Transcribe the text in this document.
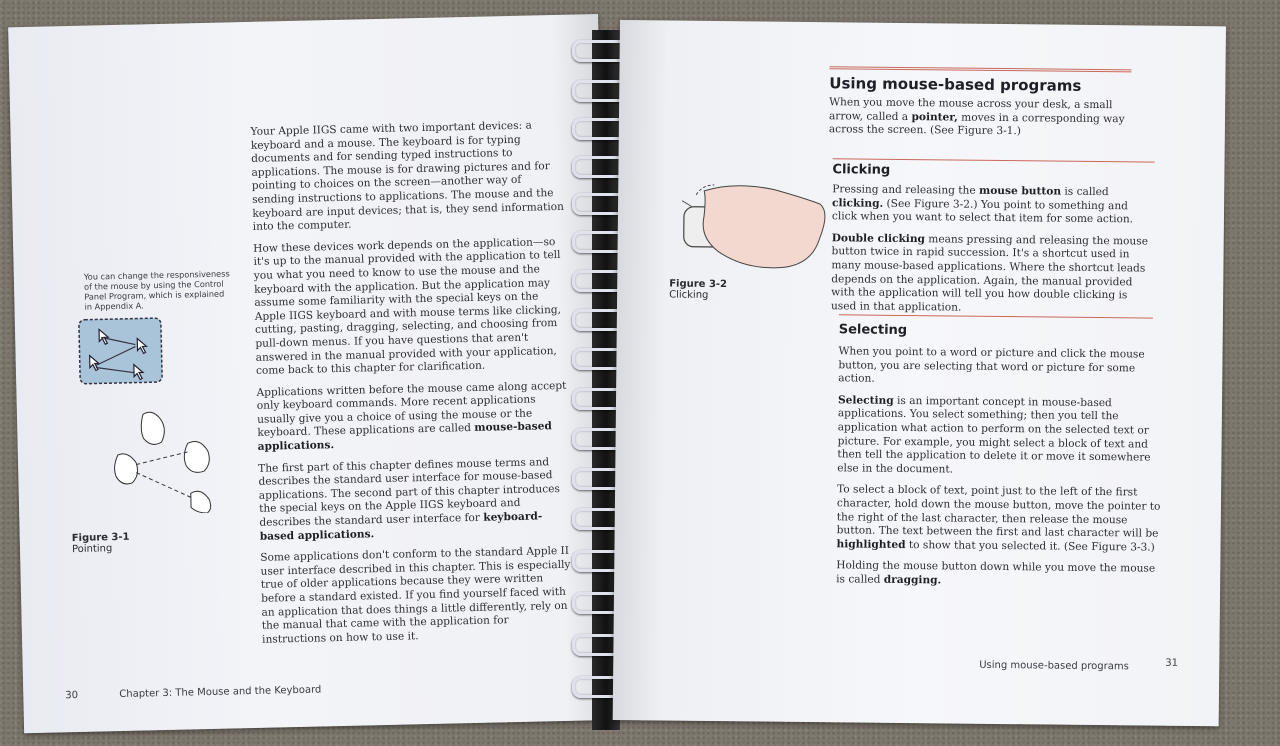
Your Apple IIGS came with two important devices: a keyboard and a mouse. The keyboard is for typing documents and for sending typed instructions to applications. The mouse is for drawing pictures and for pointing to choices on the screen—another way of sending instructions to applications. The mouse and the keyboard are input devices; that is, they send information into the computer.

How these devices work depends on the application—so it's up to the manual provided with the application to tell you what you need to know to use the mouse and the keyboard with the application. But the application may assume some familiarity with the special keys on the Apple IIGS keyboard and with mouse terms like clicking, cutting, pasting, dragging, selecting, and choosing from pull-down menus. If you have questions that aren't answered in the manual provided with your application, come back to this chapter for clarification.

Applications written before the mouse came along accept only keyboard commands. More recent applications usually give you a choice of using the mouse or the keyboard. These applications are called mouse-based applications.

The first part of this chapter defines mouse terms and describes the standard user interface for mouse-based applications. The second part of this chapter introduces the special keys on the Apple IIGS keyboard and describes the standard user interface for keyboard-based applications.

Some applications don't conform to the standard Apple II user interface described in this chapter. This is especially true of older applications because they were written before a standard existed. If you find yourself faced with an application that does things a little differently, rely on the manual that came with the application for instructions on how to use it.

You can change the responsiveness of the mouse by using the Control Panel Program, which is explained in Appendix A.
Figure 3-1
Pointing
30	Chapter 3: The Mouse and the Keyboard
Using mouse-based programs

When you move the mouse across your desk, a small arrow, called a pointer, moves in a corresponding way across the screen. (See Figure 3-1.)

Clicking

Pressing and releasing the mouse button is called clicking. (See Figure 3-2.) You point to something and click when you want to select that item for some action.

Double clicking means pressing and releasing the mouse button twice in rapid succession. It's a shortcut used in many mouse-based applications. Where the shortcut leads depends on the application. Again, the manual provided with the application will tell you how double clicking is used in that application.

Figure 3-2
Clicking
Selecting

When you point to a word or picture and click the mouse button, you are selecting that word or picture for some action.

Selecting is an important concept in mouse-based applications. You select something; then you tell the application what action to perform on the selected text or picture. For example, you might select a block of text and then tell the application to delete it or move it somewhere else in the document.

To select a block of text, point just to the left of the first character, hold down the mouse button, move the pointer to the right of the last character, then release the mouse button. The text between the first and last character will be highlighted to show that you selected it. (See Figure 3-3.)

Holding the mouse button down while you move the mouse is called dragging.

Using mouse-based programs	31
